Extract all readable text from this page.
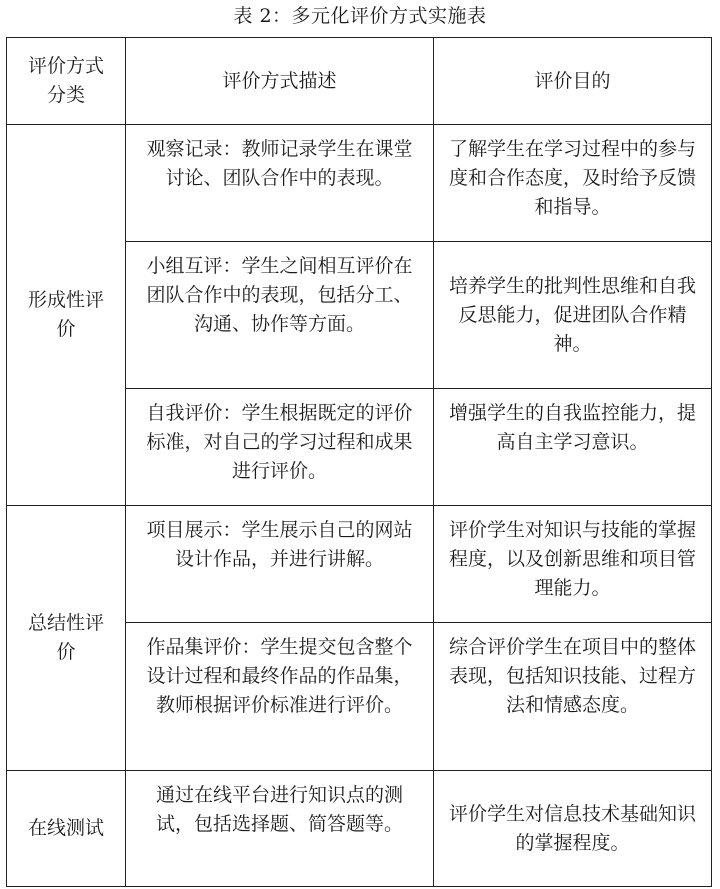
表 2：多元化评价方式实施表
评价方式分类	评价方式描述	评价目的
形成性评价	观察记录：教师记录学生在课堂讨论、团队合作中的表现。	了解学生在学习过程中的参与度和合作态度，及时给予反馈和指导。
	小组互评：学生之间相互评价在团队合作中的表现，包括分工、沟通、协作等方面。	培养学生的批判性思维和自我反思能力，促进团队合作精神。
	自我评价：学生根据既定的评价标准，对自己的学习过程和成果进行评价。	增强学生的自我监控能力，提高自主学习意识。
总结性评价	项目展示：学生展示自己的网站设计作品，并进行讲解。	评价学生对知识与技能的掌握程度，以及创新思维和项目管理能力。
	作品集评价：学生提交包含整个设计过程和最终作品的作品集，教师根据评价标准进行评价。	综合评价学生在项目中的整体表现，包括知识技能、过程方法和情感态度。
在线测试	通过在线平台进行知识点的测试，包括选择题、简答题等。	评价学生对信息技术基础知识的掌握程度。
